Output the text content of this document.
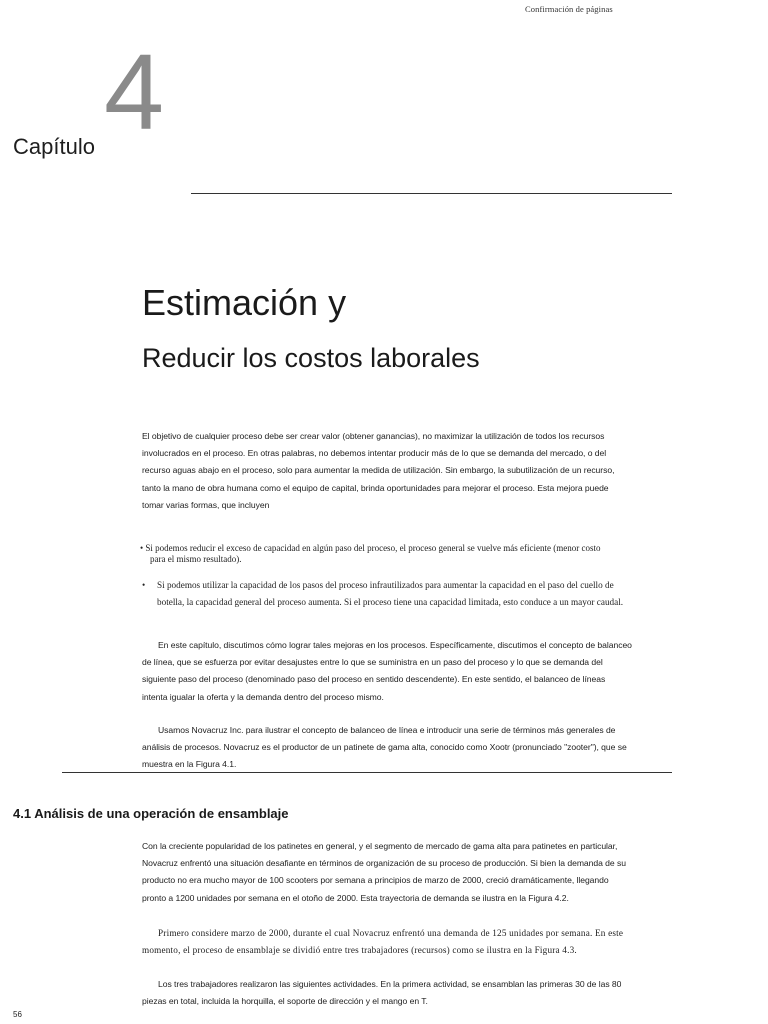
Confirmación de páginas
Capítulo 4
Estimación y
Reducir los costos laborales
El objetivo de cualquier proceso debe ser crear valor (obtener ganancias), no maximizar la utilización de todos los recursos involucrados en el proceso. En otras palabras, no debemos intentar producir más de lo que se demanda del mercado, o del recurso aguas abajo en el proceso, solo para aumentar la medida de utilización. Sin embargo, la subutilización de un recurso, tanto la mano de obra humana como el equipo de capital, brinda oportunidades para mejorar el proceso. Esta mejora puede tomar varias formas, que incluyen
• Si podemos reducir el exceso de capacidad en algún paso del proceso, el proceso general se vuelve más eficiente (menor costo
para el mismo resultado).
•	Si podemos utilizar la capacidad de los pasos del proceso infrautilizados para aumentar la capacidad en el paso del cuello de botella, la capacidad general del proceso aumenta. Si el proceso tiene una capacidad limitada, esto conduce a un mayor caudal.
En este capítulo, discutimos cómo lograr tales mejoras en los procesos. Específicamente, discutimos el concepto de balanceo de línea, que se esfuerza por evitar desajustes entre lo que se suministra en un paso del proceso y lo que se demanda del siguiente paso del proceso (denominado paso del proceso en sentido descendente). En este sentido, el balanceo de líneas intenta igualar la oferta y la demanda dentro del proceso mismo.
Usamos Novacruz Inc. para ilustrar el concepto de balanceo de línea e introducir una serie de términos más generales de análisis de procesos. Novacruz es el productor de un patinete de gama alta, conocido como Xootr (pronunciado "zooter"), que se muestra en la Figura 4.1.
4.1 Análisis de una operación de ensamblaje
Con la creciente popularidad de los patinetes en general, y el segmento de mercado de gama alta para patinetes en particular, Novacruz enfrentó una situación desafiante en términos de organización de su proceso de producción. Si bien la demanda de su producto no era mucho mayor de 100 scooters por semana a principios de marzo de 2000, creció dramáticamente, llegando pronto a 1200 unidades por semana en el otoño de 2000. Esta trayectoria de demanda se ilustra en la Figura 4.2.
Primero considere marzo de 2000, durante el cual Novacruz enfrentó una demanda de 125 unidades por semana. En este momento, el proceso de ensamblaje se dividió entre tres trabajadores (recursos) como se ilustra en la Figura 4.3.
Los tres trabajadores realizaron las siguientes actividades. En la primera actividad, se ensamblan las primeras 30 de las 80 piezas en total, incluida la horquilla, el soporte de dirección y el mango en T.
56
